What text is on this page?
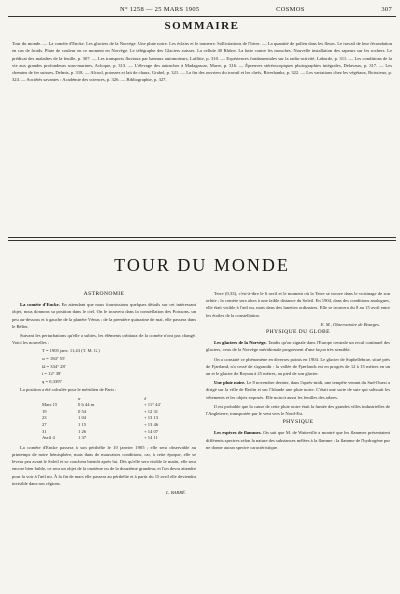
N° 1258 — 25 MARS 1905	COSMOS	307
SOMMAIRE
Tour du monde. — La comète d'Encke. Les glaciers de la Norvège. Une pluie noire. Les éclairs et le tonnerre. Sollicitations de l'hiver. — La quantité de pollen dans les fleurs. Le travail de leur fécondation en cas de froids. Pluie de couleur en ce moment en Norvège. Le télégraphe des Glaciers suisses. La cellule 40 Rhône. La lutte contre les mouches. Nouvelle installation des sapeurs sur les rochers. Le prédicat des maladies de la feuille, p. 307. — Les transports fluviaux par bateaux automoteurs, Laffitte, p. 310. — Expériences fondamentales sur la radio-activité, Laborde, p. 311. — Les conditions de la vie aux grandes profondeurs sous-marines, Acloque, p. 313. — L'élevage des autruches à Madagascar, Marre, p. 316. — Épreuves stéréoscopiques photographies intégrales, Delavaux, p. 317. — Les chemins de fer suisses, Delmis, p. 318. — Alcool, potasses et lait de chaux, Grabel, p. 321. — La fin des ouvriers du travail et les chefs, Riverbanks, p. 322. — Les variations chez les végétaux, Boissieux, p. 324. — Sociétés savantes : Académie des sciences, p. 326. — Bibliographie, p. 327.
TOUR DU MONDE
ASTRONOMIE

La comète d'Encke. En attendant que nous fournissions quelques détails sur cet intéressant objet, nous donnons sa position dans le ciel. On le trouvera dans la constellation des Poissons, un peu au-dessous et à gauche de la planète Vénus ; de la première quinzaine de mai, elle passera dans le Bélier.

Suivant les perturbations qu'elle a subies, les éléments orbitaux de la comète n'ont pas changé. Voici les nouvelles :

T = 1905 janv. 11,43 (T. M. G.)
ω = 184° 55'
Ω = 334° 28'
i = 12° 38'
q = 0,3397

La position a été calculée pour le méridien de Paris :

α	δ
Mars 15	0 h 44 m	+ 11° 44'
19	0 54	+ 12 31
23	1 04	+ 13 13
27	1 15	+ 13 46
31	1 26	+ 14 07
Avril 4	1 37	+ 14 11

La comète d'Encke passera à son périhélie le 10 janvier 1905 ; elle sera observable au printemps de notre hémisphère, mais dans de mauvaises conditions, car, à cette époque, elle se lèvera peu avant le Soleil et se couchera bientôt après lui. Dès qu'elle sera visible le matin, elle sera encore bien faible, ce sera un objet de la onzième ou de la douzième grandeur, et l'on devra attendre pour la voir à l'œil nu. À la fin de mars elle passera au périhélie et à partir du 15 avril elle deviendra invisible dans nos régions.

L. BARRÉ.

Terre (0,33), c'est-à-dire le 6 avril et le moment où la Terre se trouve dans le voisinage de son orbite ; la comète sera alors à une faible distance du Soleil. En 1904, dans des conditions analogues, elle était visible à l'œil nu, mais dans des lunettes ordinaires. Elle se trouvera du 8 au 15 avril entre les étoiles de la constellation.

E. M., Observatoire de Bourges.
PHYSIQUE DU GLOBE

Les glaciers de la Norvège. Tandis qu'on signale dans l'Europe centrale un recul continuel des glaciers, ceux de la Norvège méridionale progressent d'une façon très sensible.

On a constaté ce phénomène en diverses points en 1904. Le glacier de Suphellebrae, situé près de Fjærland, n'a cessé de s'agrandir : la vallée de Fjærlands est en progrès de 12 à 15 mètres en un an et le glacier de Boyum à 25 mètres, au pied de son glacier.

Une pluie noire. Le 8 novembre dernier, dans l'après-midi, une tempête venant du Sud-Ouest a dirigé sur la ville de Berlin et sur l'Irlande une pluie noire. C'était une sorte de suie qui salissait les vêtements et les objets exposés. Elle noircit aussi les feuilles des arbres.

Il est probable que la cause de cette pluie noire était la fumée des grandes villes industrielles de l'Angleterre, transportée par le vent vers le Nord-Est.

PHYSIQUE

Les espèces de flammes. On sait que M. de Watteville a montré que les flammes présentaient différents spectres selon la nature des substances mêlées à la flamme ; la flamme de l'hydrogène pur ne donne aucun spectre caractéristique.
